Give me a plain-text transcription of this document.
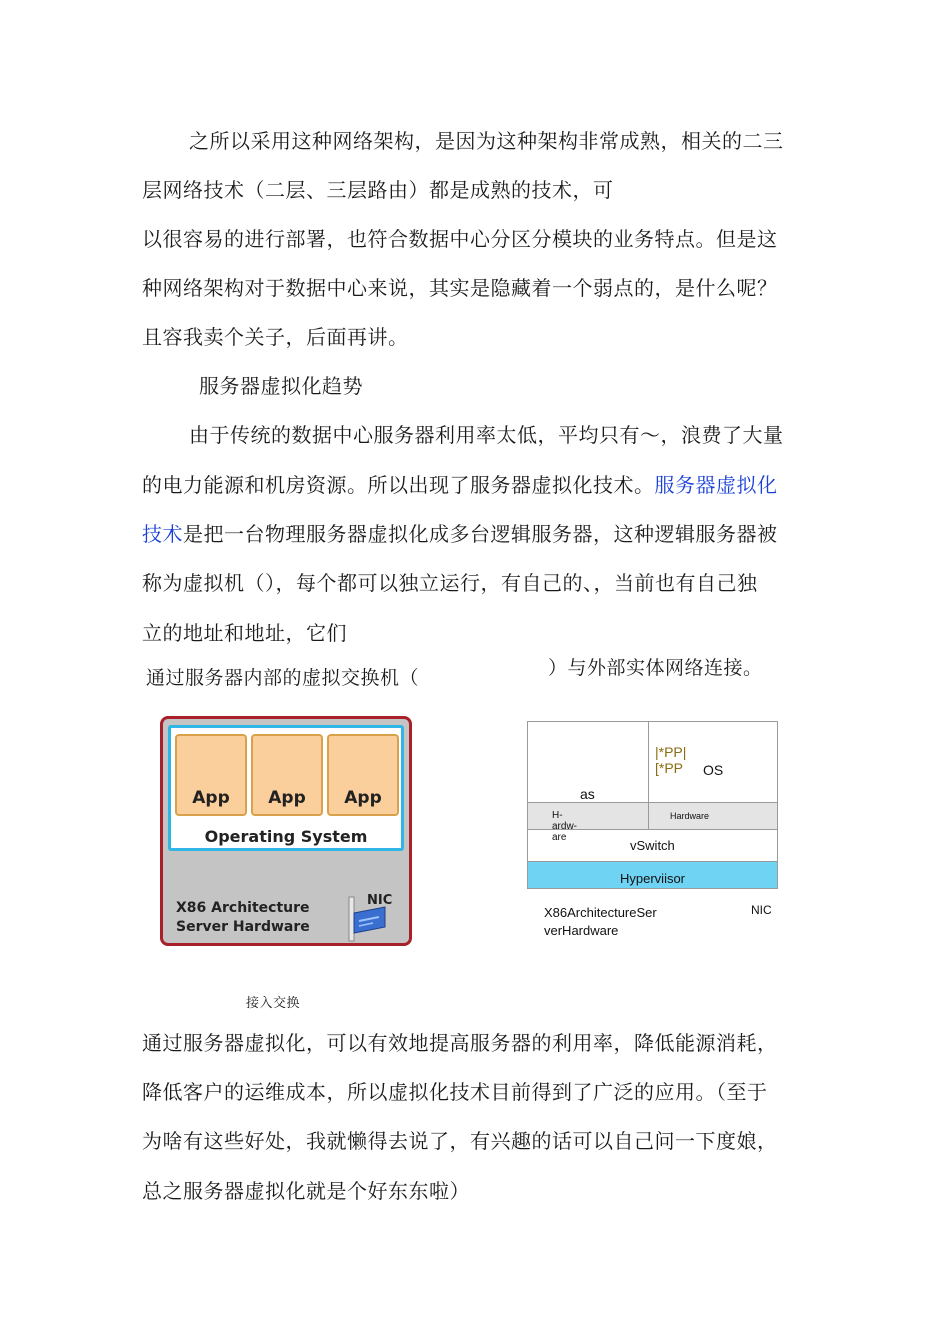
之所以采用这种网络架构，是因为这种架构非常成熟，相关的二三
层网络技术（二层、三层路由）都是成熟的技术，可
以很容易的进行部署，也符合数据中心分区分模块的业务特点。但是这
种网络架构对于数据中心来说，其实是隐藏着一个弱点的，是什么呢？
且容我卖个关子，后面再讲。
服务器虚拟化趋势
由于传统的数据中心服务器利用率太低，平均只有〜，浪费了大量
的电力能源和机房资源。所以出现了服务器虚拟化技术。服务器虚拟化
技术是把一台物理服务器虚拟化成多台逻辑服务器，这种逻辑服务器被
称为虚拟机（），每个都可以独立运行，有自己的、，当前也有自己独
立的地址和地址，它们
通过服务器内部的虚拟交换机（	）与外部实体网络连接。
App	App	App
Operating System
X86 Architecture
Server Hardware
NIC
|*PP|[*PP OS
as
H-ardw-are
Hardware
vSwitch
Hyperviisor
X86ArchitectureSer
verHardware
NIC
接入交换
通过服务器虚拟化，可以有效地提高服务器的利用率，降低能源消耗，
降低客户的运维成本，所以虚拟化技术目前得到了广泛的应用。（至于
为啥有这些好处，我就懒得去说了，有兴趣的话可以自己问一下度娘，
总之服务器虚拟化就是个好东东啦）
